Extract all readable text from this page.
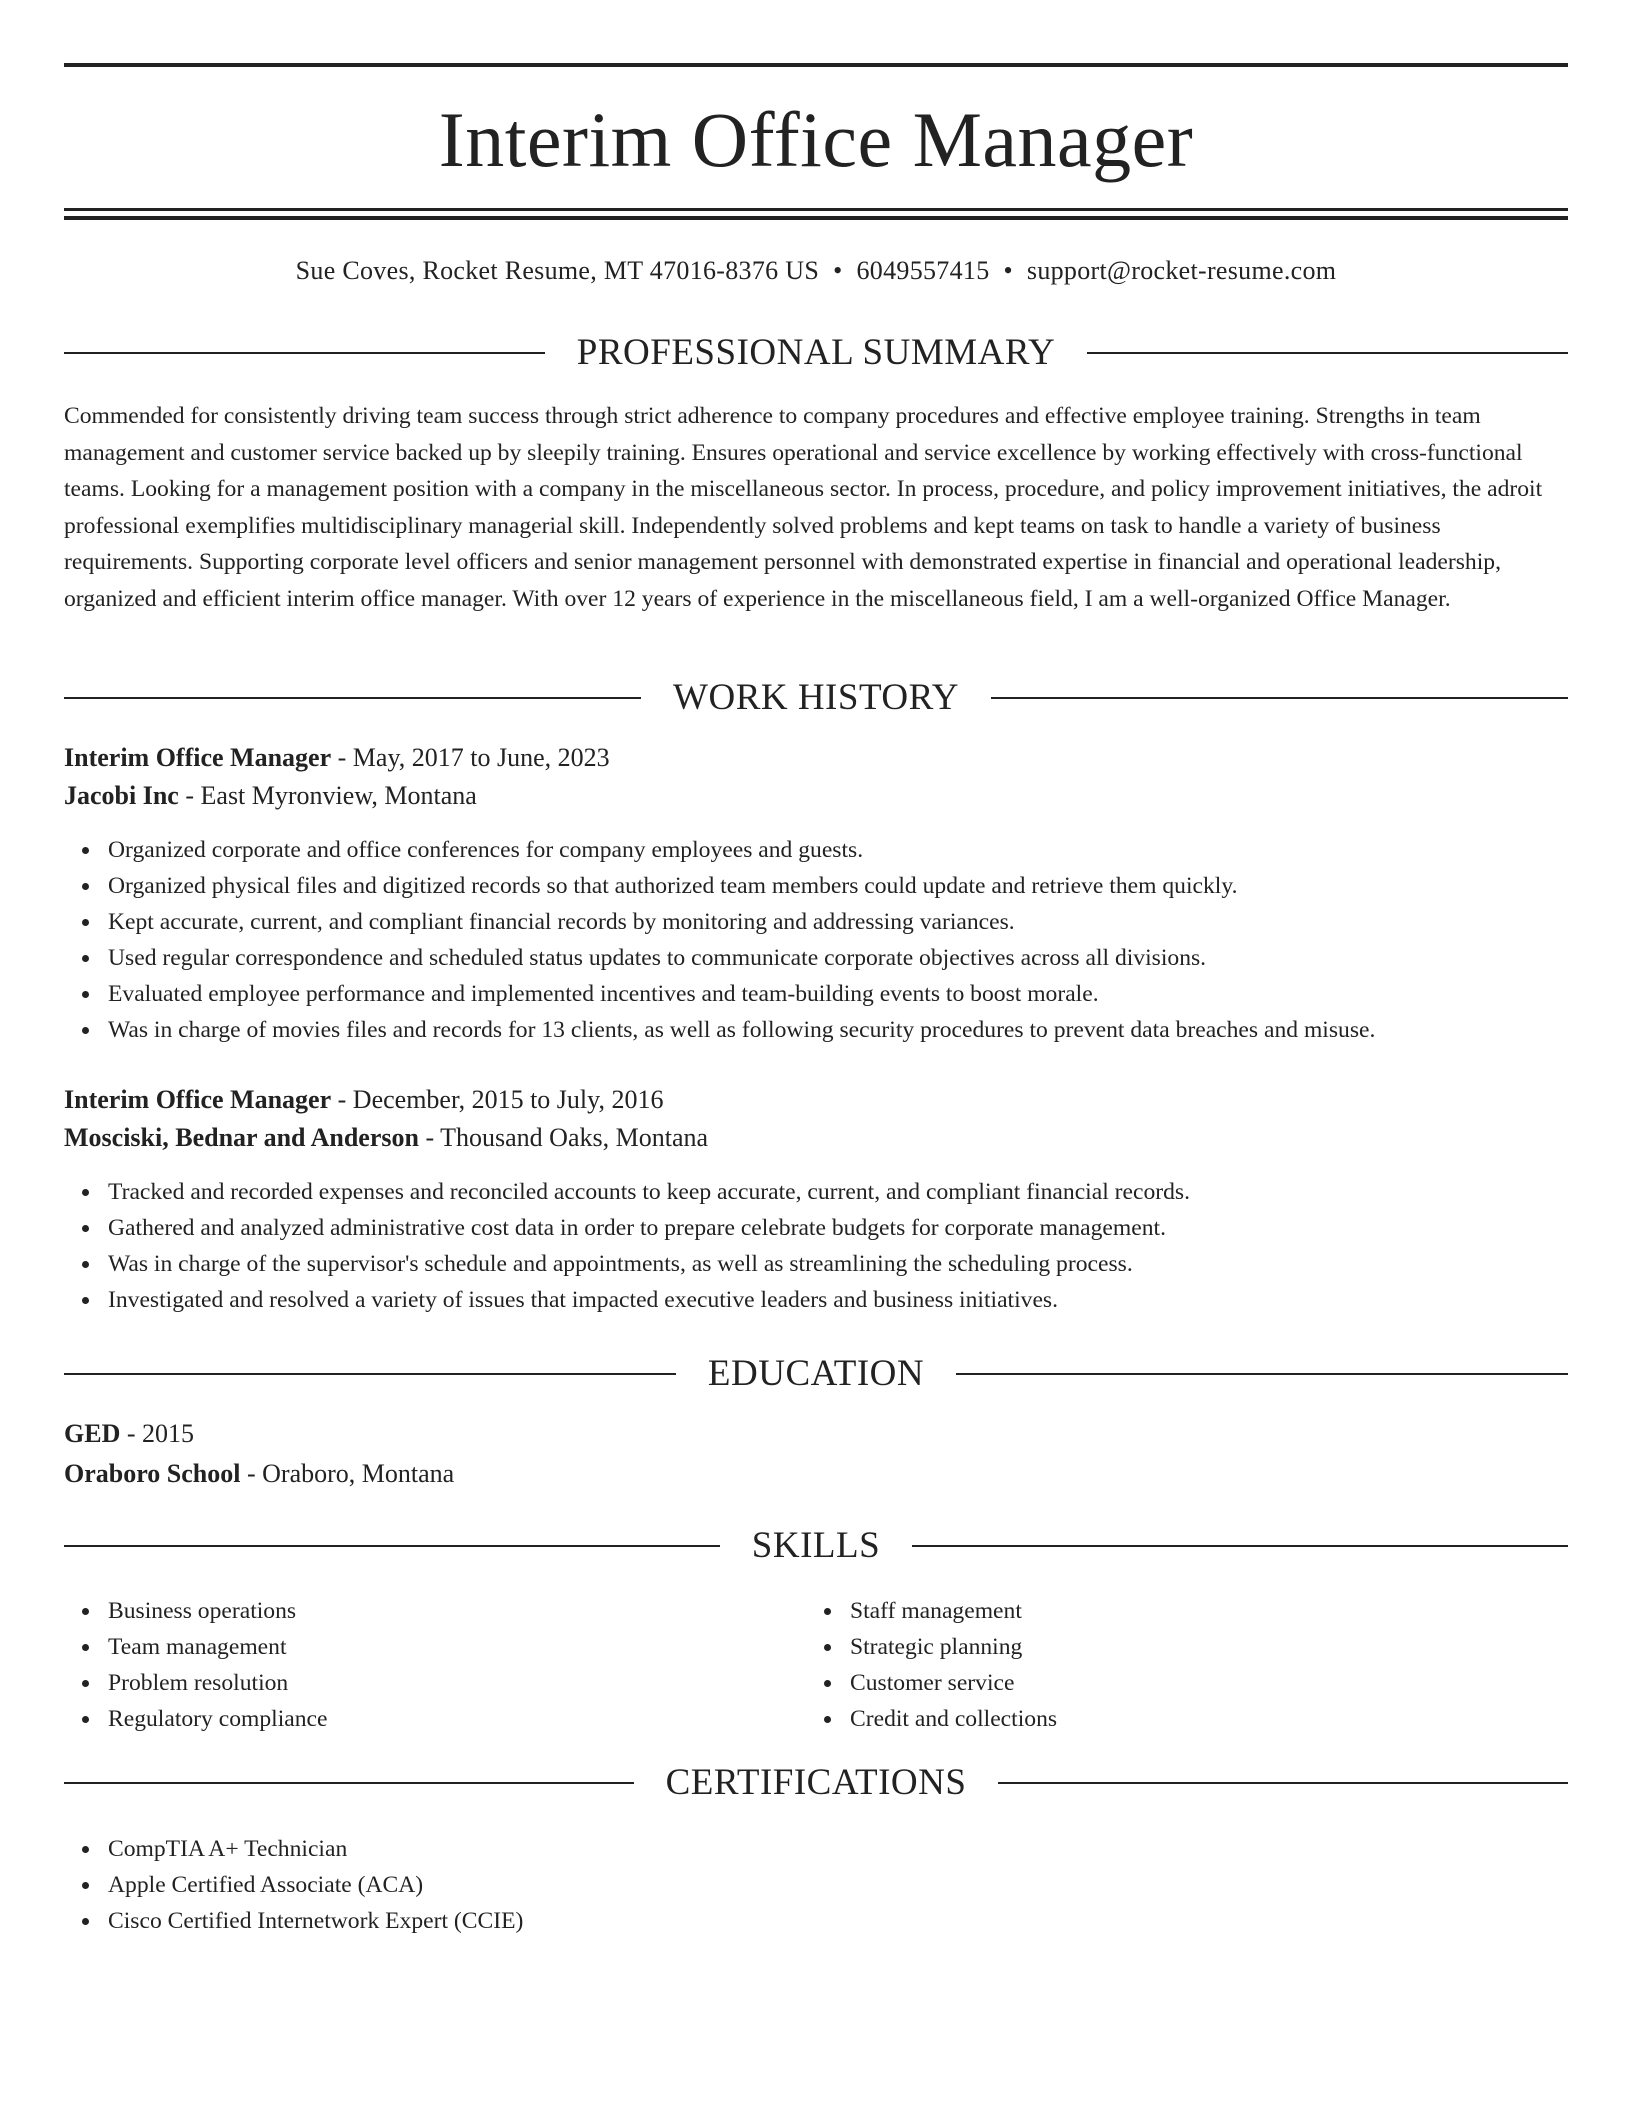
Interim Office Manager
Sue Coves, Rocket Resume, MT 47016-8376 US • 6049557415 • support@rocket-resume.com
PROFESSIONAL SUMMARY

Commended for consistently driving team success through strict adherence to company procedures and effective employee training. Strengths in team management and customer service backed up by sleepily training. Ensures operational and service excellence by working effectively with cross-functional teams. Looking for a management position with a company in the miscellaneous sector. In process, procedure, and policy improvement initiatives, the adroit professional exemplifies multidisciplinary managerial skill. Independently solved problems and kept teams on task to handle a variety of business requirements. Supporting corporate level officers and senior management personnel with demonstrated expertise in financial and operational leadership, organized and efficient interim office manager. With over 12 years of experience in the miscellaneous field, I am a well-organized Office Manager.

WORK HISTORY
Interim Office Manager - May, 2017 to June, 2023
Jacobi Inc - East Myronview, Montana
Organized corporate and office conferences for company employees and guests.
Organized physical files and digitized records so that authorized team members could update and retrieve them quickly.
Kept accurate, current, and compliant financial records by monitoring and addressing variances.
Used regular correspondence and scheduled status updates to communicate corporate objectives across all divisions.
Evaluated employee performance and implemented incentives and team-building events to boost morale.
Was in charge of movies files and records for 13 clients, as well as following security procedures to prevent data breaches and misuse.
Interim Office Manager - December, 2015 to July, 2016
Mosciski, Bednar and Anderson - Thousand Oaks, Montana
Tracked and recorded expenses and reconciled accounts to keep accurate, current, and compliant financial records.
Gathered and analyzed administrative cost data in order to prepare celebrate budgets for corporate management.
Was in charge of the supervisor's schedule and appointments, as well as streamlining the scheduling process.
Investigated and resolved a variety of issues that impacted executive leaders and business initiatives.
EDUCATION
GED - 2015
Oraboro School - Oraboro, Montana
SKILLS
Business operations
Team management
Problem resolution
Regulatory compliance
Staff management
Strategic planning
Customer service
Credit and collections
CERTIFICATIONS
CompTIA A+ Technician
Apple Certified Associate (ACA)
Cisco Certified Internetwork Expert (CCIE)
